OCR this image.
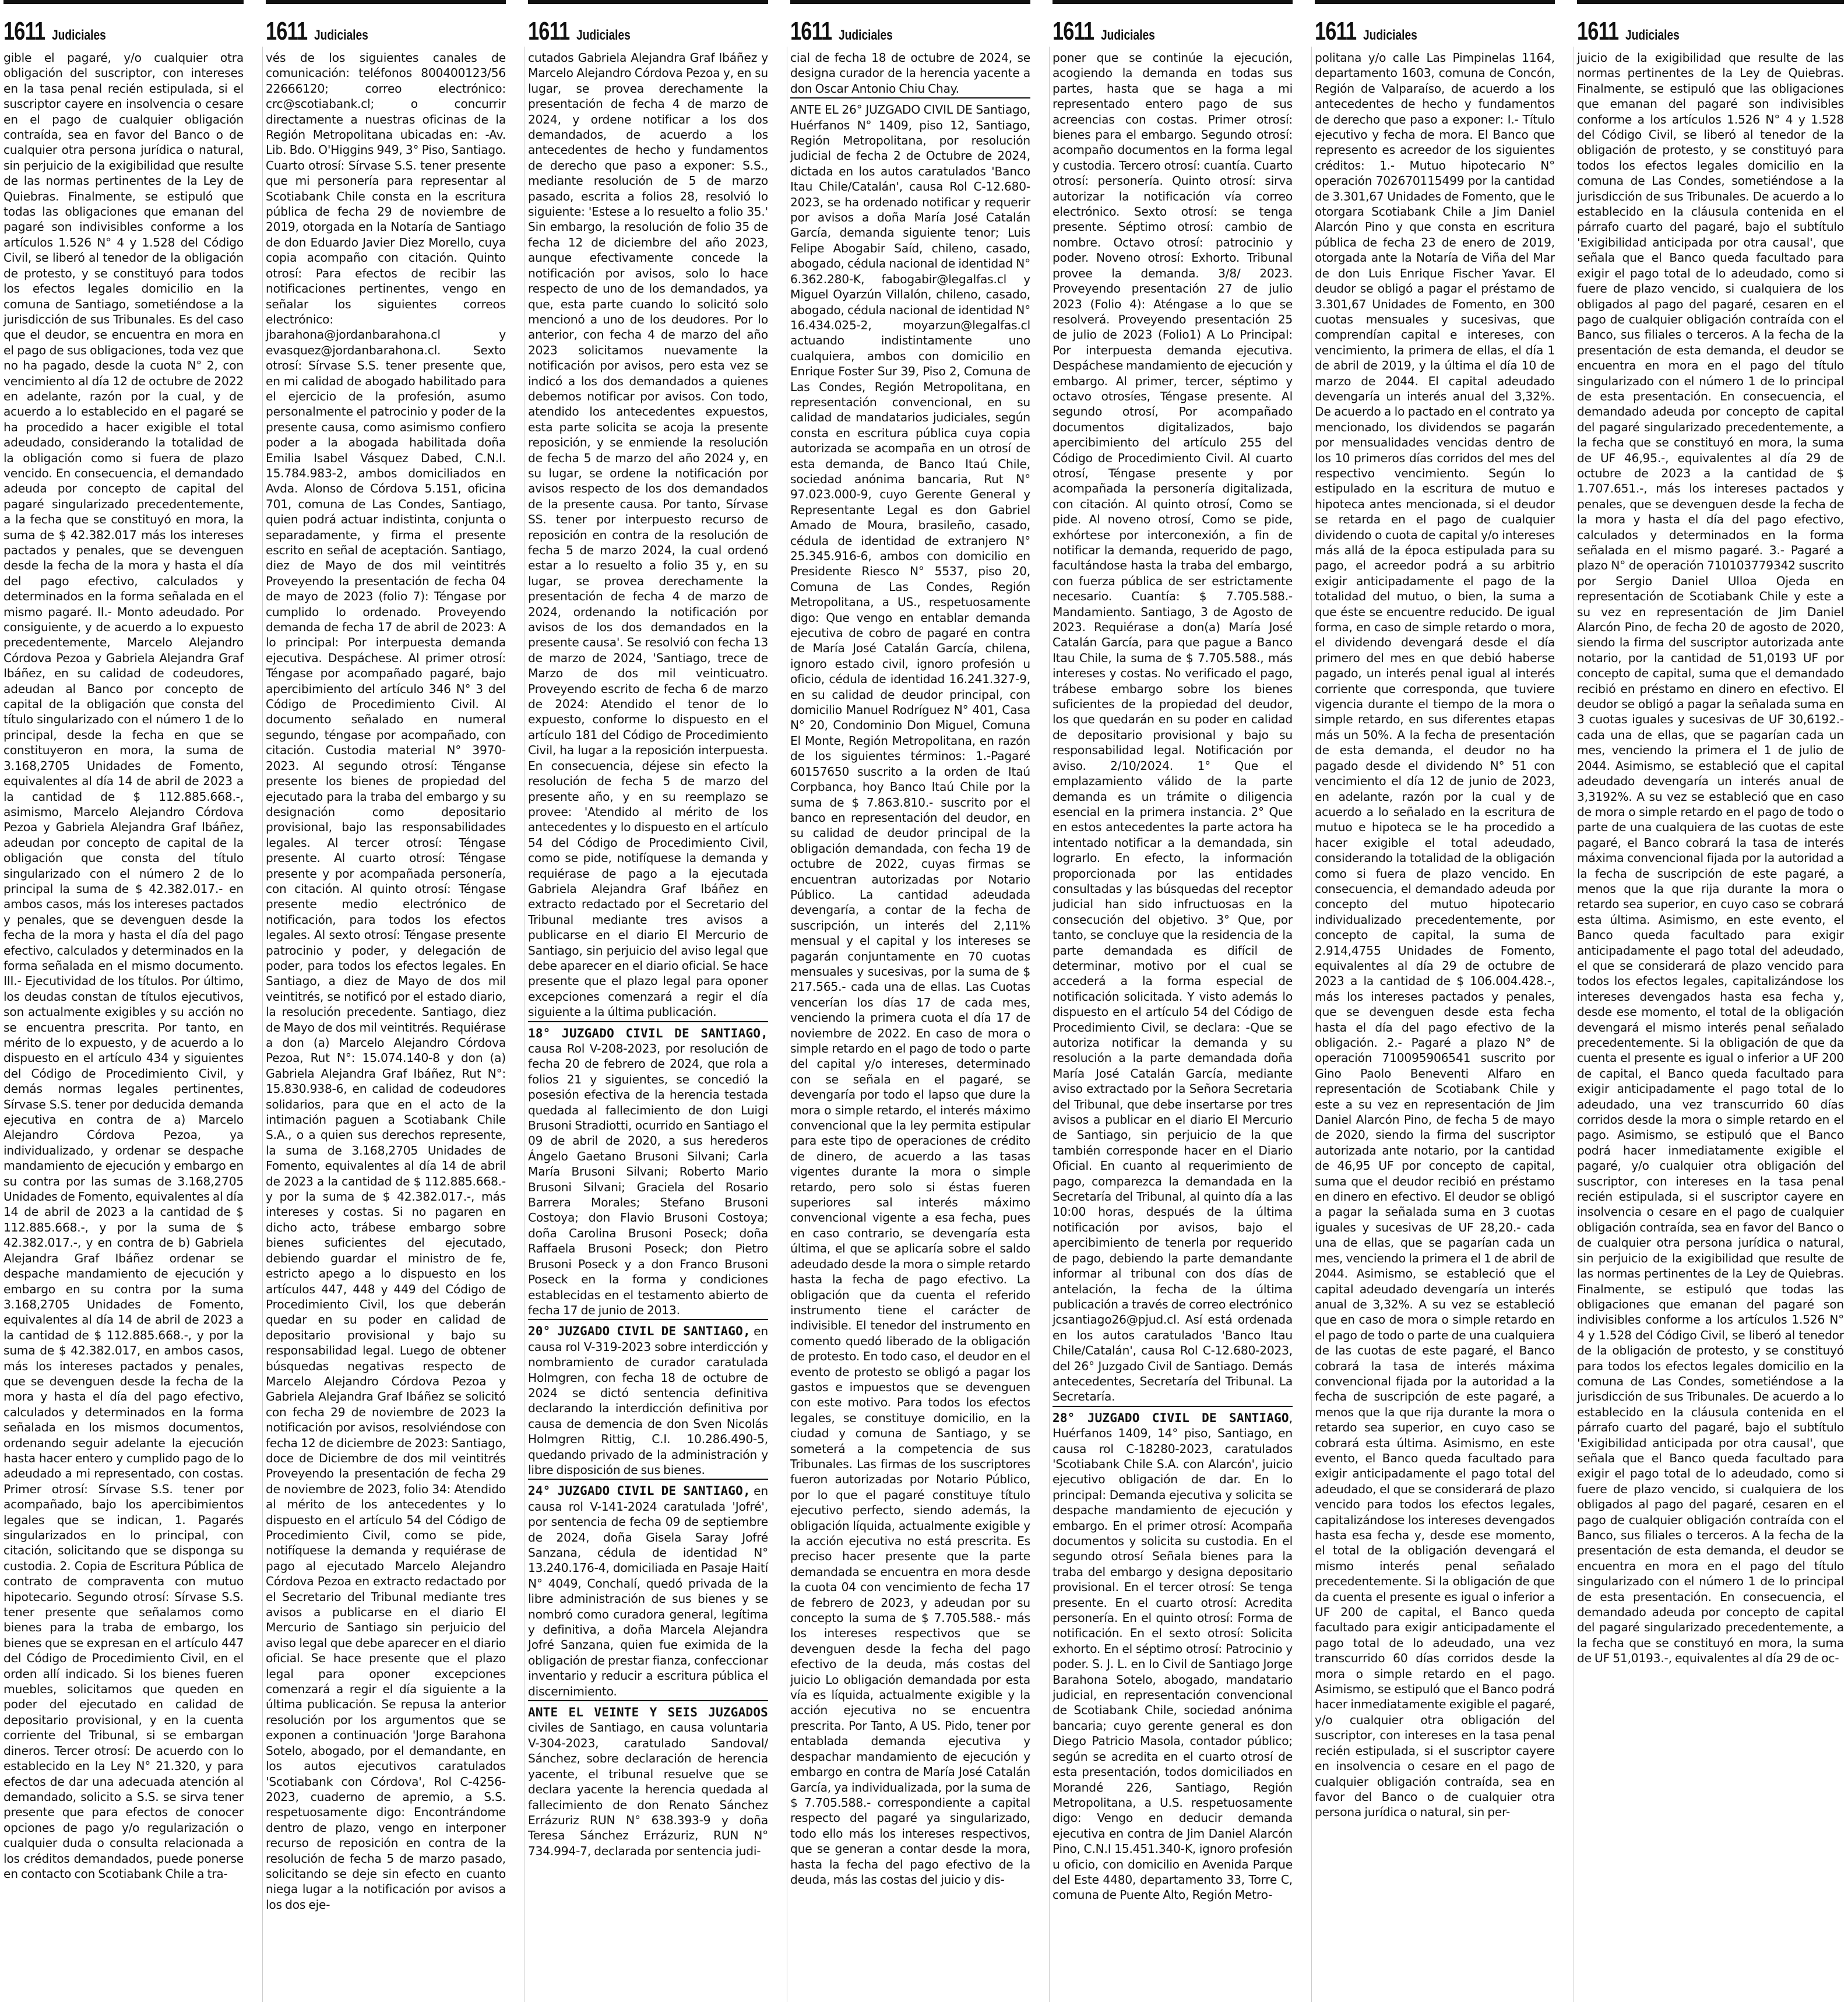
1611 Judiciales

gible el pagaré, y/o cualquier otra obligación del suscriptor, con intereses en la tasa penal recién estipulada, si el suscriptor cayere en insolvencia o cesare en el pago de cualquier obligación contraída, sea en favor del Banco o de cualquier otra persona jurídica o natural, sin perjuicio de la exigibilidad que resulte de las normas pertinentes de la Ley de Quiebras. Finalmente, se estipuló que todas las obligaciones que emanan del pagaré son indivisibles conforme a los artículos 1.526 N° 4 y 1.528 del Código Civil, se liberó al tenedor de la obligación de protesto, y se constituyó para todos los efectos legales domicilio en la comuna de Santiago, sometiéndose a la jurisdicción de sus Tribunales. Es del caso que el deudor, se encuentra en mora en el pago de sus obligaciones, toda vez que no ha pagado, desde la cuota N° 2, con vencimiento al día 12 de octubre de 2022 en adelante, razón por la cual, y de acuerdo a lo establecido en el pagaré se ha procedido a hacer exigible el total adeudado, considerando la totalidad de la obligación como si fuera de plazo vencido. En consecuencia, el demandado adeuda por concepto de capital del pagaré singularizado precedentemente, a la fecha que se constituyó en mora, la suma de $ 42.382.017 más los intereses pactados y penales, que se devenguen desde la fecha de la mora y hasta el día del pago efectivo, calculados y determinados en la forma señalada en el mismo pagaré. II.- Monto adeudado. Por consiguiente, y de acuerdo a lo expuesto precedentemente, Marcelo Alejandro Córdova Pezoa y Gabriela Alejandra Graf Ibáñez, en su calidad de codeudores, adeudan al Banco por concepto de capital de la obligación que consta del título singularizado con el número 1 de lo principal, desde la fecha en que se constituyeron en mora, la suma de 3.168,2705 Unidades de Fomento, equivalentes al día 14 de abril de 2023 a la cantidad de $ 112.885.668.-, asimismo, Marcelo Alejandro Córdova Pezoa y Gabriela Alejandra Graf Ibáñez, adeudan por concepto de capital de la obligación que consta del título singularizado con el número 2 de lo principal la suma de $ 42.382.017.- en ambos casos, más los intereses pactados y penales, que se devenguen desde la fecha de la mora y hasta el día del pago efectivo, calculados y determinados en la forma señalada en el mismo documento. III.- Ejecutividad de los títulos. Por último, los deudas constan de títulos ejecutivos, son actualmente exigibles y su acción no se encuentra prescrita. Por tanto, en mérito de lo expuesto, y de acuerdo a lo dispuesto en el artículo 434 y siguientes del Código de Procedimiento Civil, y demás normas legales pertinentes, Sírvase S.S. tener por deducida demanda ejecutiva en contra de a) Marcelo Alejandro Córdova Pezoa, ya individualizado, y ordenar se despache mandamiento de ejecución y embargo en su contra por las sumas de 3.168,2705 Unidades de Fomento, equivalentes al día 14 de abril de 2023 a la cantidad de $ 112.885.668.-, y por la suma de $ 42.382.017.-, y en contra de b) Gabriela Alejandra Graf Ibáñez ordenar se despache mandamiento de ejecución y embargo en su contra por la suma 3.168,2705 Unidades de Fomento, equivalentes al día 14 de abril de 2023 a la cantidad de $ 112.885.668.-, y por la suma de $ 42.382.017, en ambos casos, más los intereses pactados y penales, que se devenguen desde la fecha de la mora y hasta el día del pago efectivo, calculados y determinados en la forma señalada en los mismos documentos, ordenando seguir adelante la ejecución hasta hacer entero y cumplido pago de lo adeudado a mi representado, con costas. Primer otrosí: Sírvase S.S. tener por acompañado, bajo los apercibimientos legales que se indican, 1. Pagarés singularizados en lo principal, con citación, solicitando que se disponga su custodia. 2. Copia de Escritura Pública de contrato de compraventa con mutuo hipotecario. Segundo otrosí: Sírvase S.S. tener presente que señalamos como bienes para la traba de embargo, los bienes que se expresan en el artículo 447 del Código de Procedimiento Civil, en el orden allí indicado. Si los bienes fueren muebles, solicitamos que queden en poder del ejecutado en calidad de depositario provisional, y en la cuenta corriente del Tribunal, si se embargan dineros. Tercer otrosí: De acuerdo con lo establecido en la Ley N° 21.320, y para efectos de dar una adecuada atención al demandado, solicito a S.S. se sirva tener presente que para efectos de conocer opciones de pago y/o regularización o cualquier duda o consulta relacionada a los créditos demandados, puede ponerse en contacto con Scotiabank Chile a tra-

1611 Judiciales

vés de los siguientes canales de comunicación: teléfonos 800400123/56 22666120; correo electrónico: crc@scotiabank.cl; o concurrir directamente a nuestras oficinas de la Región Metropolitana ubicadas en: -Av. Lib. Bdo. O'Higgins 949, 3° Piso, Santiago. Cuarto otrosí: Sírvase S.S. tener presente que mi personería para representar al Scotiabank Chile consta en la escritura pública de fecha 29 de noviembre de 2019, otorgada en la Notaría de Santiago de don Eduardo Javier Diez Morello, cuya copia acompaño con citación. Quinto otrosí: Para efectos de recibir las notificaciones pertinentes, vengo en señalar los siguientes correos electrónico: jbarahona@jordanbarahona.cl y evasquez@jordanbarahona.cl. Sexto otrosí: Sírvase S.S. tener presente que, en mi calidad de abogado habilitado para el ejercicio de la profesión, asumo personalmente el patrocinio y poder de la presente causa, como asimismo confiero poder a la abogada habilitada doña Emilia Isabel Vásquez Dabed, C.N.I. 15.784.983-2, ambos domiciliados en Avda. Alonso de Córdova 5.151, oficina 701, comuna de Las Condes, Santiago, quien podrá actuar indistinta, conjunta o separadamente, y firma el presente escrito en señal de aceptación. Santiago, diez de Mayo de dos mil veintitrés Proveyendo la presentación de fecha 04 de mayo de 2023 (folio 7): Téngase por cumplido lo ordenado. Proveyendo demanda de fecha 17 de abril de 2023: A lo principal: Por interpuesta demanda ejecutiva. Despáchese. Al primer otrosí: Téngase por acompañado pagaré, bajo apercibimiento del artículo 346 N° 3 del Código de Procedimiento Civil. Al documento señalado en numeral segundo, téngase por acompañado, con citación. Custodia material N° 3970-2023. Al segundo otrosí: Ténganse presente los bienes de propiedad del ejecutado para la traba del embargo y su designación como depositario provisional, bajo las responsabilidades legales. Al tercer otrosí: Téngase presente. Al cuarto otrosí: Téngase presente y por acompañada personería, con citación. Al quinto otrosí: Téngase presente medio electrónico de notificación, para todos los efectos legales. Al sexto otrosí: Téngase presente patrocinio y poder, y delegación de poder, para todos los efectos legales. En Santiago, a diez de Mayo de dos mil veintitrés, se notificó por el estado diario, la resolución precedente. Santiago, diez de Mayo de dos mil veintitrés. Requiérase a don (a) Marcelo Alejandro Córdova Pezoa, Rut N°: 15.074.140-8 y don (a) Gabriela Alejandra Graf Ibáñez, Rut N°: 15.830.938-6, en calidad de codeudores solidarios, para que en el acto de la intimación paguen a Scotiabank Chile S.A., o a quien sus derechos represente, la suma de 3.168,2705 Unidades de Fomento, equivalentes al día 14 de abril de 2023 a la cantidad de $ 112.885.668.- y por la suma de $ 42.382.017.-, más intereses y costas. Si no pagaren en dicho acto, trábese embargo sobre bienes suficientes del ejecutado, debiendo guardar el ministro de fe, estricto apego a lo dispuesto en los artículos 447, 448 y 449 del Código de Procedimiento Civil, los que deberán quedar en su poder en calidad de depositario provisional y bajo su responsabilidad legal. Luego de obtener búsquedas negativas respecto de Marcelo Alejandro Córdova Pezoa y Gabriela Alejandra Graf Ibáñez se solicitó con fecha 29 de noviembre de 2023 la notificación por avisos, resolviéndose con fecha 12 de diciembre de 2023: Santiago, doce de Diciembre de dos mil veintitrés Proveyendo la presentación de fecha 29 de noviembre de 2023, folio 34: Atendido al mérito de los antecedentes y lo dispuesto en el artículo 54 del Código de Procedimiento Civil, como se pide, notifíquese la demanda y requiérase de pago al ejecutado Marcelo Alejandro Córdova Pezoa en extracto redactado por el Secretario del Tribunal mediante tres avisos a publicarse en el diario El Mercurio de Santiago sin perjuicio del aviso legal que debe aparecer en el diario oficial. Se hace presente que el plazo legal para oponer excepciones comenzará a regir el día siguiente a la última publicación. Se repusa la anterior resolución por los argumentos que se exponen a continuación 'Jorge Barahona Sotelo, abogado, por el demandante, en los autos ejecutivos caratulados 'Scotiabank con Córdova', Rol C-4256-2023, cuaderno de apremio, a S.S. respetuosamente digo: Encontrándome dentro de plazo, vengo en interponer recurso de reposición en contra de la resolución de fecha 5 de marzo pasado, solicitando se deje sin efecto en cuanto niega lugar a la notificación por avisos a los dos eje-

1611 Judiciales

cutados Gabriela Alejandra Graf Ibáñez y Marcelo Alejandro Córdova Pezoa y, en su lugar, se provea derechamente la presentación de fecha 4 de marzo de 2024, y ordene notificar a los dos demandados, de acuerdo a los antecedentes de hecho y fundamentos de derecho que paso a exponer: S.S., mediante resolución de 5 de marzo pasado, escrita a folios 28, resolvió lo siguiente: 'Estese a lo resuelto a folio 35.' Sin embargo, la resolución de folio 35 de fecha 12 de diciembre del año 2023, aunque efectivamente concede la notificación por avisos, solo lo hace respecto de uno de los demandados, ya que, esta parte cuando lo solicitó solo mencionó a uno de los deudores. Por lo anterior, con fecha 4 de marzo del año 2023 solicitamos nuevamente la notificación por avisos, pero esta vez se indicó a los dos demandados a quienes debemos notificar por avisos. Con todo, atendido los antecedentes expuestos, esta parte solicita se acoja la presente reposición, y se enmiende la resolución de fecha 5 de marzo del año 2024 y, en su lugar, se ordene la notificación por avisos respecto de los dos demandados de la presente causa. Por tanto, Sírvase SS. tener por interpuesto recurso de reposición en contra de la resolución de fecha 5 de marzo 2024, la cual ordenó estar a lo resuelto a folio 35 y, en su lugar, se provea derechamente la presentación de fecha 4 de marzo de 2024, ordenando la notificación por avisos de los dos demandados en la presente causa'. Se resolvió con fecha 13 de marzo de 2024, 'Santiago, trece de Marzo de dos mil veinticuatro. Proveyendo escrito de fecha 6 de marzo de 2024: Atendido el tenor de lo expuesto, conforme lo dispuesto en el artículo 181 del Código de Procedimiento Civil, ha lugar a la reposición interpuesta. En consecuencia, déjese sin efecto la resolución de fecha 5 de marzo del presente año, y en su reemplazo se provee: 'Atendido al mérito de los antecedentes y lo dispuesto en el artículo 54 del Código de Procedimiento Civil, como se pide, notifíquese la demanda y requiérase de pago a la ejecutada Gabriela Alejandra Graf Ibáñez en extracto redactado por el Secretario del Tribunal mediante tres avisos a publicarse en el diario El Mercurio de Santiago, sin perjuicio del aviso legal que debe aparecer en el diario oficial. Se hace presente que el plazo legal para oponer excepciones comenzará a regir el día siguiente a la última publicación.

18° JUZGADO CIVIL DE SANTIAGO, causa Rol V-208-2023, por resolución de fecha 20 de febrero de 2024, que rola a folios 21 y siguientes, se concedió la posesión efectiva de la herencia testada quedada al fallecimiento de don Luigi Brusoni Stradiotti, ocurrido en Santiago el 09 de abril de 2020, a sus herederos Ángelo Gaetano Brusoni Silvani; Carla María Brusoni Silvani; Roberto Mario Brusoni Silvani; Graciela del Rosario Barrera Morales; Stefano Brusoni Costoya; don Flavio Brusoni Costoya; doña Carolina Brusoni Poseck; doña Raffaela Brusoni Poseck; don Pietro Brusoni Poseck y a don Franco Brusoni Poseck en la forma y condiciones establecidas en el testamento abierto de fecha 17 de junio de 2013.

20° JUZGADO CIVIL DE SANTIAGO, en causa rol V-319-2023 sobre interdicción y nombramiento de curador caratulada Holmgren, con fecha 18 de octubre de 2024 se dictó sentencia definitiva declarando la interdicción definitiva por causa de demencia de don Sven Nicolás Holmgren Rittig, C.I. 10.286.490-5, quedando privado de la administración y libre disposición de sus bienes.

24° JUZGADO CIVIL DE SANTIAGO, en causa rol V-141-2024 caratulada 'Jofré', por sentencia de fecha 09 de septiembre de 2024, doña Gisela Saray Jofré Sanzana, cédula de identidad N° 13.240.176-4, domiciliada en Pasaje Haití N° 4049, Conchalí, quedó privada de la libre administración de sus bienes y se nombró como curadora general, legítima y definitiva, a doña Marcela Alejandra Jofré Sanzana, quien fue eximida de la obligación de prestar fianza, confeccionar inventario y reducir a escritura pública el discernimiento.

ANTE EL VEINTE Y SEIS JUZGADOS civiles de Santiago, en causa voluntaria V-304-2023, caratulado Sandoval/ Sánchez, sobre declaración de herencia yacente, el tribunal resuelve que se declara yacente la herencia quedada al fallecimiento de don Renato Sánchez Errázuriz RUN N° 638.393-9 y doña Teresa Sánchez Errázuriz, RUN N° 734.994-7, declarada por sentencia judi-

1611 Judiciales

cial de fecha 18 de octubre de 2024, se designa curador de la herencia yacente a don Oscar Antonio Chiu Chay.

ANTE EL 26° JUZGADO CIVIL DE Santiago, Huérfanos N° 1409, piso 12, Santiago, Región Metropolitana, por resolución judicial de fecha 2 de Octubre de 2024, dictada en los autos caratulados 'Banco Itau Chile/Catalán', causa Rol C-12.680-2023, se ha ordenado notificar y requerir por avisos a doña María José Catalán García, demanda siguiente tenor; Luis Felipe Abogabir Saíd, chileno, casado, abogado, cédula nacional de identidad N° 6.362.280-K, fabogabir@legalfas.cl y Miguel Oyarzún Villalón, chileno, casado, abogado, cédula nacional de identidad N° 16.434.025-2, moyarzun@legalfas.cl actuando indistintamente uno cualquiera, ambos con domicilio en Enrique Foster Sur 39, Piso 2, Comuna de Las Condes, Región Metropolitana, en representación convencional, en su calidad de mandatarios judiciales, según consta en escritura pública cuya copia autorizada se acompaña en un otrosí de esta demanda, de Banco Itaú Chile, sociedad anónima bancaria, Rut N° 97.023.000-9, cuyo Gerente General y Representante Legal es don Gabriel Amado de Moura, brasileño, casado, cédula de identidad de extranjero N° 25.345.916-6, ambos con domicilio en Presidente Riesco N° 5537, piso 20, Comuna de Las Condes, Región Metropolitana, a US., respetuosamente digo: Que vengo en entablar demanda ejecutiva de cobro de pagaré en contra de María José Catalán García, chilena, ignoro estado civil, ignoro profesión u oficio, cédula de identidad 16.241.327-9, en su calidad de deudor principal, con domicilio Manuel Rodríguez N° 401, Casa N° 20, Condominio Don Miguel, Comuna El Monte, Región Metropolitana, en razón de los siguientes términos: 1.-Pagaré 60157650 suscrito a la orden de Itaú Corpbanca, hoy Banco Itaú Chile por la suma de $ 7.863.810.- suscrito por el banco en representación del deudor, en su calidad de deudor principal de la obligación demandada, con fecha 19 de octubre de 2022, cuyas firmas se encuentran autorizadas por Notario Público. La cantidad adeudada devengaría, a contar de la fecha de suscripción, un interés del 2,11% mensual y el capital y los intereses se pagarán conjuntamente en 70 cuotas mensuales y sucesivas, por la suma de $ 217.565.- cada una de ellas. Las Cuotas vencerían los días 17 de cada mes, venciendo la primera cuota el día 17 de noviembre de 2022. En caso de mora o simple retardo en el pago de todo o parte del capital y/o intereses, determinado con se señala en el pagaré, se devengaría por todo el lapso que dure la mora o simple retardo, el interés máximo convencional que la ley permita estipular para este tipo de operaciones de crédito de dinero, de acuerdo a las tasas vigentes durante la mora o simple retardo, pero solo si éstas fueren superiores sal interés máximo convencional vigente a esa fecha, pues en caso contrario, se devengaría esta última, el que se aplicaría sobre el saldo adeudado desde la mora o simple retardo hasta la fecha de pago efectivo. La obligación que da cuenta el referido instrumento tiene el carácter de indivisible. El tenedor del instrumento en comento quedó liberado de la obligación de protesto. En todo caso, el deudor en el evento de protesto se obligó a pagar los gastos e impuestos que se devenguen con este motivo. Para todos los efectos legales, se constituye domicilio, en la ciudad y comuna de Santiago, y se someterá a la competencia de sus Tribunales. Las firmas de los suscriptores fueron autorizadas por Notario Público, por lo que el pagaré constituye título ejecutivo perfecto, siendo además, la obligación líquida, actualmente exigible y la acción ejecutiva no está prescrita. Es preciso hacer presente que la parte demandada se encuentra en mora desde la cuota 04 con vencimiento de fecha 17 de febrero de 2023, y adeudan por su concepto la suma de $ 7.705.588.- más los intereses respectivos que se devenguen desde la fecha del pago efectivo de la deuda, más costas del juicio Lo obligación demandada por esta vía es líquida, actualmente exigible y la acción ejecutiva no se encuentra prescrita. Por Tanto, A US. Pido, tener por entablada demanda ejecutiva y despachar mandamiento de ejecución y embargo en contra de María José Catalán García, ya individualizada, por la suma de $ 7.705.588.- correspondiente a capital respecto del pagaré ya singularizado, todo ello más los intereses respectivos, que se generan a contar desde la mora, hasta la fecha del pago efectivo de la deuda, más las costas del juicio y dis-

1611 Judiciales

poner que se continúe la ejecución, acogiendo la demanda en todas sus partes, hasta que se haga a mi representado entero pago de sus acreencias con costas. Primer otrosí: bienes para el embargo. Segundo otrosí: acompaño documentos en la forma legal y custodia. Tercero otrosí: cuantía. Cuarto otrosí: personería. Quinto otrosí: sirva autorizar la notificación vía correo electrónico. Sexto otrosí: se tenga presente. Séptimo otrosí: cambio de nombre. Octavo otrosí: patrocinio y poder. Noveno otrosí: Exhorto. Tribunal provee la demanda. 3/8/ 2023. Proveyendo presentación 27 de julio 2023 (Folio 4): Aténgase a lo que se resolverá. Proveyendo presentación 25 de julio de 2023 (Folio1) A Lo Principal: Por interpuesta demanda ejecutiva. Despáchese mandamiento de ejecución y embargo. Al primer, tercer, séptimo y octavo otrosíes, Téngase presente. Al segundo otrosí, Por acompañado documentos digitalizados, bajo apercibimiento del artículo 255 del Código de Procedimiento Civil. Al cuarto otrosí, Téngase presente y por acompañada la personería digitalizada, con citación. Al quinto otrosí, Como se pide. Al noveno otrosí, Como se pide, exhórtese por interconexión, a fin de notificar la demanda, requerido de pago, facultándose hasta la traba del embargo, con fuerza pública de ser estrictamente necesario. Cuantía: $ 7.705.588.- Mandamiento. Santiago, 3 de Agosto de 2023. Requiérase a don(a) María José Catalán García, para que pague a Banco Itau Chile, la suma de $ 7.705.588., más intereses y costas. No verificado el pago, trábese embargo sobre los bienes suficientes de la propiedad del deudor, los que quedarán en su poder en calidad de depositario provisional y bajo su responsabilidad legal. Notificación por aviso. 2/10/2024. 1° Que el emplazamiento válido de la parte demanda es un trámite o diligencia esencial en la primera instancia. 2° Que en estos antecedentes la parte actora ha intentado notificar a la demandada, sin lograrlo. En efecto, la información proporcionada por las entidades consultadas y las búsquedas del receptor judicial han sido infructuosas en la consecución del objetivo. 3° Que, por tanto, se concluye que la residencia de la parte demandada es difícil de determinar, motivo por el cual se accederá a la forma especial de notificación solicitada. Y visto además lo dispuesto en el artículo 54 del Código de Procedimiento Civil, se declara: -Que se autoriza notificar la demanda y su resolución a la parte demandada doña María José Catalán García, mediante aviso extractado por la Señora Secretaria del Tribunal, que debe insertarse por tres avisos a publicar en el diario El Mercurio de Santiago, sin perjuicio de la que también corresponde hacer en el Diario Oficial. En cuanto al requerimiento de pago, comparezca la demandada en la Secretaría del Tribunal, al quinto día a las 10:00 horas, después de la última notificación por avisos, bajo el apercibimiento de tenerla por requerido de pago, debiendo la parte demandante informar al tribunal con dos días de antelación, la fecha de la última publicación a través de correo electrónico jcsantiago26@pjud.cl. Así está ordenada en los autos caratulados 'Banco Itau Chile/Catalán', causa Rol C-12.680-2023, del 26° Juzgado Civil de Santiago. Demás antecedentes, Secretaría del Tribunal. La Secretaría.

28° JUZGADO CIVIL DE SANTIAGO, Huérfanos 1409, 14° piso, Santiago, en causa rol C-18280-2023, caratulados 'Scotiabank Chile S.A. con Alarcón', juicio ejecutivo obligación de dar. En lo principal: Demanda ejecutiva y solicita se despache mandamiento de ejecución y embargo. En el primer otrosí: Acompaña documentos y solicita su custodia. En el segundo otrosí Señala bienes para la traba del embargo y designa depositario provisional. En el tercer otrosí: Se tenga presente. En el cuarto otrosí: Acredita personería. En el quinto otrosí: Forma de notificación. En el sexto otrosí: Solicita exhorto. En el séptimo otrosí: Patrocinio y poder. S. J. L. en lo Civil de Santiago Jorge Barahona Sotelo, abogado, mandatario judicial, en representación convencional de Scotiabank Chile, sociedad anónima bancaria; cuyo gerente general es don Diego Patricio Masola, contador público; según se acredita en el cuarto otrosí de esta presentación, todos domiciliados en Morandé 226, Santiago, Región Metropolitana, a U.S. respetuosamente digo: Vengo en deducir demanda ejecutiva en contra de Jim Daniel Alarcón Pino, C.N.I 15.451.340-K, ignoro profesión u oficio, con domicilio en Avenida Parque del Este 4480, departamento 33, Torre C, comuna de Puente Alto, Región Metro-

1611 Judiciales

politana y/o calle Las Pimpinelas 1164, departamento 1603, comuna de Concón, Región de Valparaíso, de acuerdo a los antecedentes de hecho y fundamentos de derecho que paso a exponer: I.- Título ejecutivo y fecha de mora. El Banco que represento es acreedor de los siguientes créditos: 1.- Mutuo hipotecario N° operación 702670115499 por la cantidad de 3.301,67 Unidades de Fomento, que le otorgara Scotiabank Chile a Jim Daniel Alarcón Pino y que consta en escritura pública de fecha 23 de enero de 2019, otorgada ante la Notaría de Viña del Mar de don Luis Enrique Fischer Yavar. El deudor se obligó a pagar el préstamo de 3.301,67 Unidades de Fomento, en 300 cuotas mensuales y sucesivas, que comprendían capital e intereses, con vencimiento, la primera de ellas, el día 1 de abril de 2019, y la última el día 10 de marzo de 2044. El capital adeudado devengaría un interés anual del 3,32%. De acuerdo a lo pactado en el contrato ya mencionado, los dividendos se pagarán por mensualidades vencidas dentro de los 10 primeros días corridos del mes del respectivo vencimiento. Según lo estipulado en la escritura de mutuo e hipoteca antes mencionada, si el deudor se retarda en el pago de cualquier dividendo o cuota de capital y/o intereses más allá de la época estipulada para su pago, el acreedor podrá a su arbitrio exigir anticipadamente el pago de la totalidad del mutuo, o bien, la suma a que éste se encuentre reducido. De igual forma, en caso de simple retardo o mora, el dividendo devengará desde el día primero del mes en que debió haberse pagado, un interés penal igual al interés corriente que corresponda, que tuviere vigencia durante el tiempo de la mora o simple retardo, en sus diferentes etapas más un 50%. A la fecha de presentación de esta demanda, el deudor no ha pagado desde el dividendo N° 51 con vencimiento el día 12 de junio de 2023, en adelante, razón por la cual y de acuerdo a lo señalado en la escritura de mutuo e hipoteca se le ha procedido a hacer exigible el total adeudado, considerando la totalidad de la obligación como si fuera de plazo vencido. En consecuencia, el demandado adeuda por concepto del mutuo hipotecario individualizado precedentemente, por concepto de capital, la suma de 2.914,4755 Unidades de Fomento, equivalentes al día 29 de octubre de 2023 a la cantidad de $ 106.004.428.-, más los intereses pactados y penales, que se devenguen desde esta fecha hasta el día del pago efectivo de la obligación. 2.- Pagaré a plazo N° de operación 710095906541 suscrito por Gino Paolo Beneventi Alfaro en representación de Scotiabank Chile y este a su vez en representación de Jim Daniel Alarcón Pino, de fecha 5 de mayo de 2020, siendo la firma del suscriptor autorizada ante notario, por la cantidad de 46,95 UF por concepto de capital, suma que el deudor recibió en préstamo en dinero en efectivo. El deudor se obligó a pagar la señalada suma en 3 cuotas iguales y sucesivas de UF 28,20.- cada una de ellas, que se pagarían cada un mes, venciendo la primera el 1 de abril de 2044. Asimismo, se estableció que el capital adeudado devengaría un interés anual de 3,32%. A su vez se estableció que en caso de mora o simple retardo en el pago de todo o parte de una cualquiera de las cuotas de este pagaré, el Banco cobrará la tasa de interés máxima convencional fijada por la autoridad a la fecha de suscripción de este pagaré, a menos que la que rija durante la mora o retardo sea superior, en cuyo caso se cobrará esta última. Asimismo, en este evento, el Banco queda facultado para exigir anticipadamente el pago total del adeudado, el que se considerará de plazo vencido para todos los efectos legales, capitalizándose los intereses devengados hasta esa fecha y, desde ese momento, el total de la obligación devengará el mismo interés penal señalado precedentemente. Si la obligación de que da cuenta el presente es igual o inferior a UF 200 de capital, el Banco queda facultado para exigir anticipadamente el pago total de lo adeudado, una vez transcurrido 60 días corridos desde la mora o simple retardo en el pago. Asimismo, se estipuló que el Banco podrá hacer inmediatamente exigible el pagaré, y/o cualquier otra obligación del suscriptor, con intereses en la tasa penal recién estipulada, si el suscriptor cayere en insolvencia o cesare en el pago de cualquier obligación contraída, sea en favor del Banco o de cualquier otra persona jurídica o natural, sin per-

1611 Judiciales

juicio de la exigibilidad que resulte de las normas pertinentes de la Ley de Quiebras. Finalmente, se estipuló que las obligaciones que emanan del pagaré son indivisibles conforme a los artículos 1.526 N° 4 y 1.528 del Código Civil, se liberó al tenedor de la obligación de protesto, y se constituyó para todos los efectos legales domicilio en la comuna de Las Condes, sometiéndose a la jurisdicción de sus Tribunales. De acuerdo a lo establecido en la cláusula contenida en el párrafo cuarto del pagaré, bajo el subtítulo 'Exigibilidad anticipada por otra causal', que señala que el Banco queda facultado para exigir el pago total de lo adeudado, como si fuere de plazo vencido, si cualquiera de los obligados al pago del pagaré, cesaren en el pago de cualquier obligación contraída con el Banco, sus filiales o terceros. A la fecha de la presentación de esta demanda, el deudor se encuentra en mora en el pago del título singularizado con el número 1 de lo principal de esta presentación. En consecuencia, el demandado adeuda por concepto de capital del pagaré singularizado precedentemente, a la fecha que se constituyó en mora, la suma de UF 46,95.-, equivalentes al día 29 de octubre de 2023 a la cantidad de $ 1.707.651.-, más los intereses pactados y penales, que se devenguen desde la fecha de la mora y hasta el día del pago efectivo, calculados y determinados en la forma señalada en el mismo pagaré. 3.- Pagaré a plazo N° de operación 710103779342 suscrito por Sergio Daniel Ulloa Ojeda en representación de Scotiabank Chile y este a su vez en representación de Jim Daniel Alarcón Pino, de fecha 20 de agosto de 2020, siendo la firma del suscriptor autorizada ante notario, por la cantidad de 51,0193 UF por concepto de capital, suma que el demandado recibió en préstamo en dinero en efectivo. El deudor se obligó a pagar la señalada suma en 3 cuotas iguales y sucesivas de UF 30,6192.- cada una de ellas, que se pagarían cada un mes, venciendo la primera el 1 de julio de 2044. Asimismo, se estableció que el capital adeudado devengaría un interés anual de 3,3192%. A su vez se estableció que en caso de mora o simple retardo en el pago de todo o parte de una cualquiera de las cuotas de este pagaré, el Banco cobrará la tasa de interés máxima convencional fijada por la autoridad a la fecha de suscripción de este pagaré, a menos que la que rija durante la mora o retardo sea superior, en cuyo caso se cobrará esta última. Asimismo, en este evento, el Banco queda facultado para exigir anticipadamente el pago total del adeudado, el que se considerará de plazo vencido para todos los efectos legales, capitalizándose los intereses devengados hasta esa fecha y, desde ese momento, el total de la obligación devengará el mismo interés penal señalado precedentemente. Si la obligación de que da cuenta el presente es igual o inferior a UF 200 de capital, el Banco queda facultado para exigir anticipadamente el pago total de lo adeudado, una vez transcurrido 60 días corridos desde la mora o simple retardo en el pago. Asimismo, se estipuló que el Banco podrá hacer inmediatamente exigible el pagaré, y/o cualquier otra obligación del suscriptor, con intereses en la tasa penal recién estipulada, si el suscriptor cayere en insolvencia o cesare en el pago de cualquier obligación contraída, sea en favor del Banco o de cualquier otra persona jurídica o natural, sin perjuicio de la exigibilidad que resulte de las normas pertinentes de la Ley de Quiebras. Finalmente, se estipuló que todas las obligaciones que emanan del pagaré son indivisibles conforme a los artículos 1.526 N° 4 y 1.528 del Código Civil, se liberó al tenedor de la obligación de protesto, y se constituyó para todos los efectos legales domicilio en la comuna de Las Condes, sometiéndose a la jurisdicción de sus Tribunales. De acuerdo a lo establecido en la cláusula contenida en el párrafo cuarto del pagaré, bajo el subtítulo 'Exigibilidad anticipada por otra causal', que señala que el Banco queda facultado para exigir el pago total de lo adeudado, como si fuere de plazo vencido, si cualquiera de los obligados al pago del pagaré, cesaren en el pago de cualquier obligación contraída con el Banco, sus filiales o terceros. A la fecha de la presentación de esta demanda, el deudor se encuentra en mora en el pago del título singularizado con el número 1 de lo principal de esta presentación. En consecuencia, el demandado adeuda por concepto de capital del pagaré singularizado precedentemente, a la fecha que se constituyó en mora, la suma de UF 51,0193.-, equivalentes al día 29 de oc-
